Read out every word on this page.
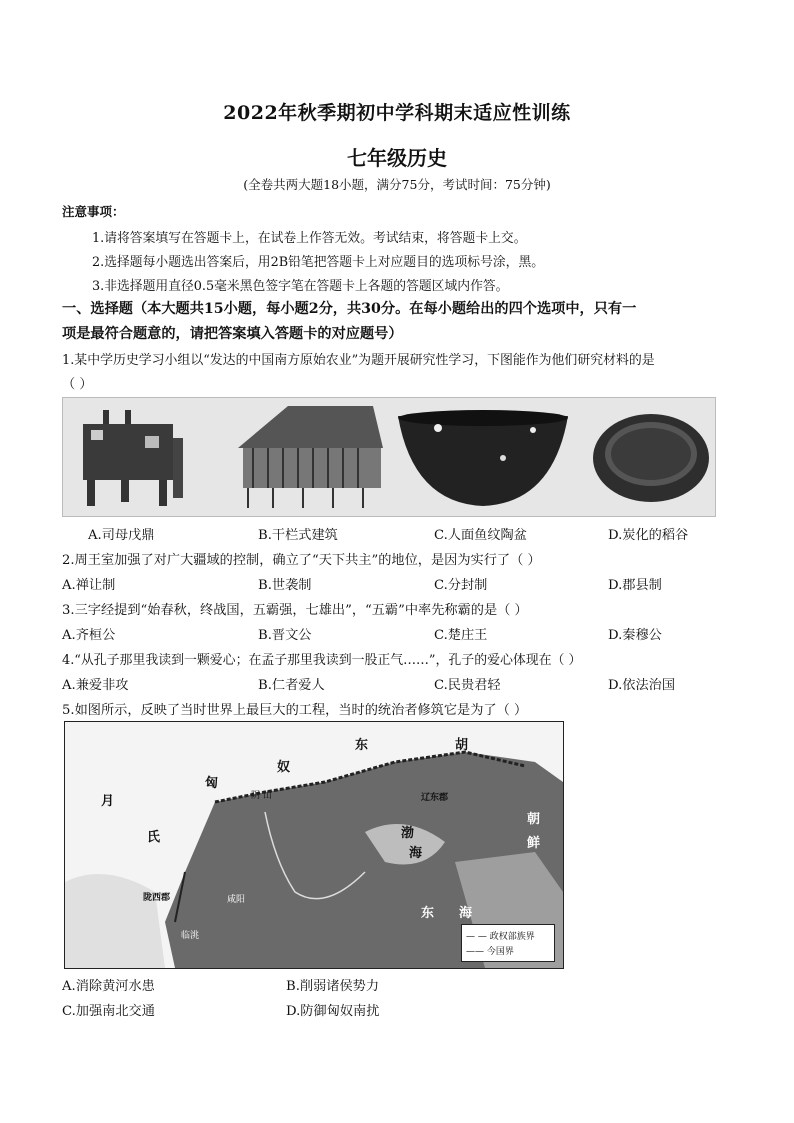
2022年秋季期初中学科期末适应性训练
七年级历史
(全卷共两大题18小题，满分75分，考试时间：75分钟)
注意事项：
1.请将答案填写在答题卡上，在试卷上作答无效。考试结束，将答题卡上交。
2.选择题每小题选出答案后，用2B铅笔把答题卡上对应题目的选项标号涂，黑。
3.非选择题用直径0.5毫米黑色签字笔在答题卡上各题的答题区域内作答。
一、选择题（本大题共15小题，每小题2分，共30分。在每小题给出的四个选项中，只有一
项是最符合题意的，请把答案填入答题卡的对应题号）
1.某中学历史学习小组以“发达的中国南方原始农业”为题开展研究性学习，下图能作为他们研究材料的是
（ ）
A.司母戊鼎	B.干栏式建筑	C.人面鱼纹陶盆	D.炭化的稻谷
2.周王室加强了对广大疆域的控制，确立了“天下共主”的地位，是因为实行了（ ）
A.禅让制	B.世袭制	C.分封制	D.郡县制
3.三字经提到“始春秋，终战国，五霸强，七雄出”，“五霸”中率先称霸的是（ ）
A.齐桓公	B.晋文公	C.楚庄王	D.秦穆公
4.“从孔子那里我读到一颗爱心；在孟子那里我读到一股正气……”，孔子的爱心体现在（ ）
A.兼爱非攻	B.仁者爱人	C.民贵君轻	D.依法治国
5.如图所示，反映了当时世界上最巨大的工程，当时的统治者修筑它是为了（ ）
匈
奴
东	胡
月
氏
朝
鲜
东 海
渤
海
阴 山	辽东郡
陇西郡	咸阳
临洮	— — 政权部族界
—— 今国界
A.消除黄河水患	B.削弱诸侯势力
C.加强南北交通	D.防御匈奴南扰
